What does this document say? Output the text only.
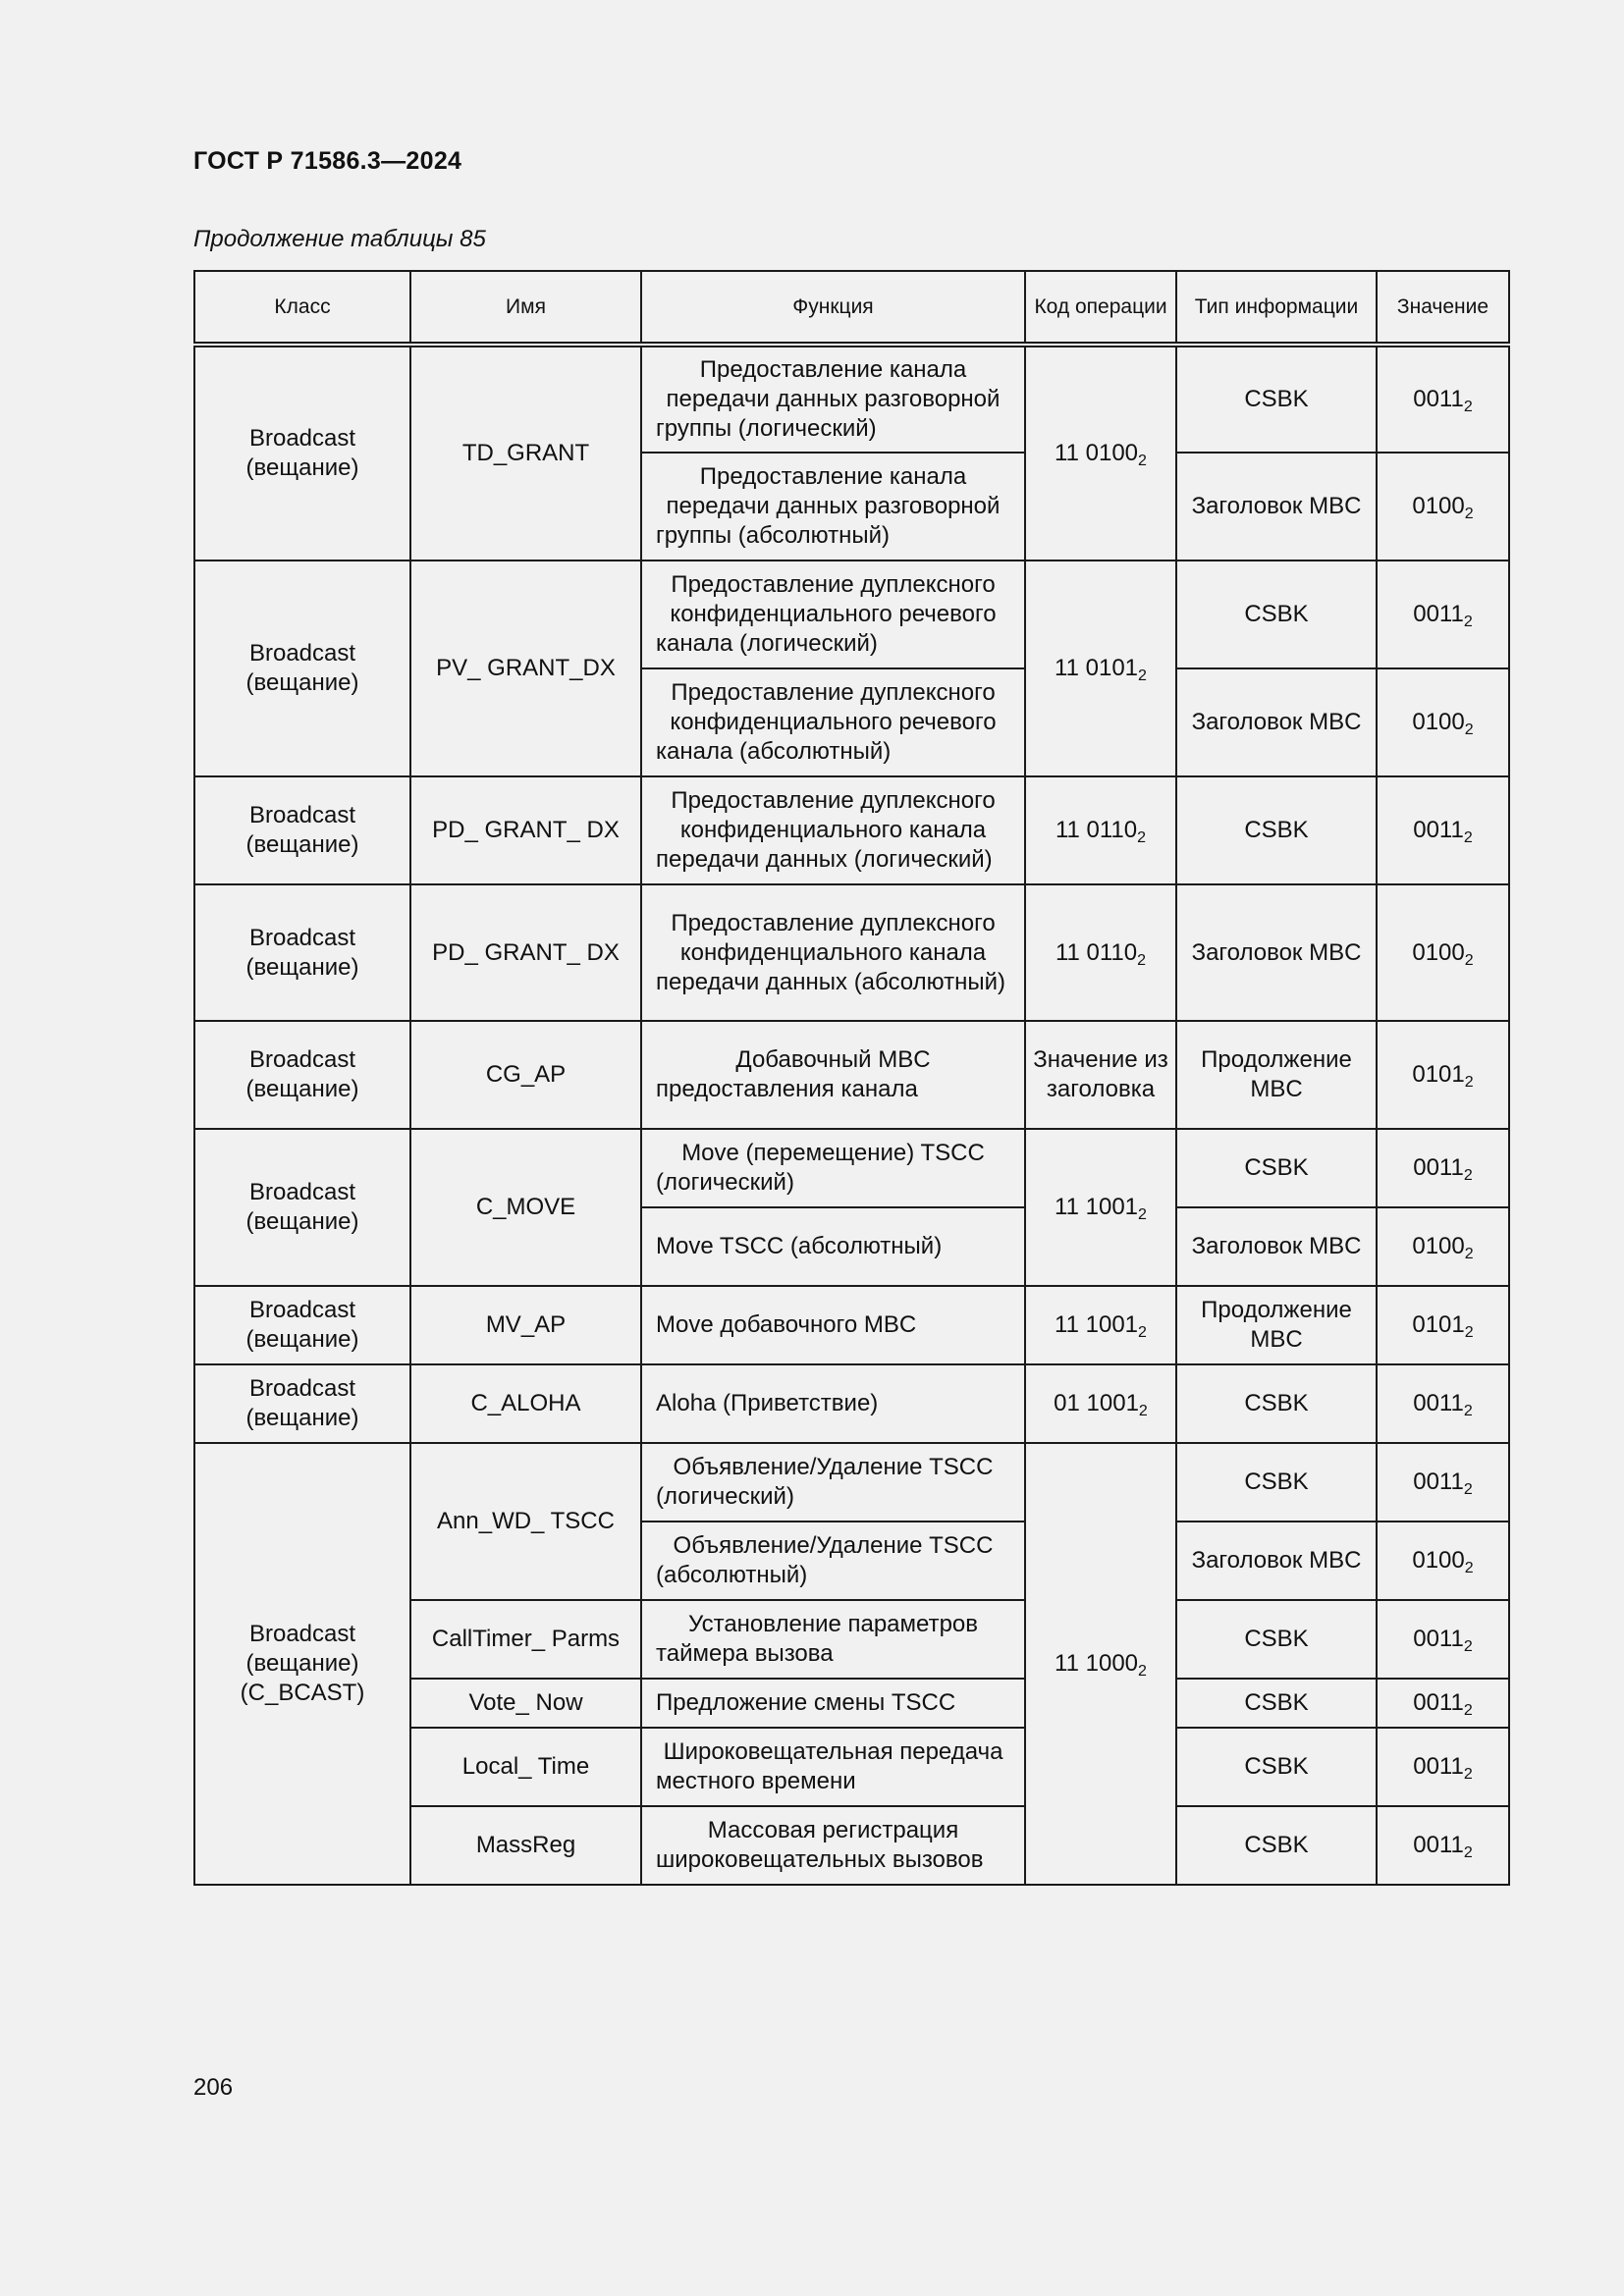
ГОСТ Р 71586.3—2024
Продолжение таблицы 85
Класс	Имя	Функция	Код операции	Тип информации	Значение
Broadcast (вещание)	TD_GRANT	Предоставление канала передачи данных разговорной группы (логический)	11 $0100_2$	CSBK	$0011_2$
		Предоставление канала передачи данных разговорной группы (абсолютный)		Заголовок MBC	$0100_2$
Broadcast (вещание)	PV_ GRANT_DX	Предоставление дуплексного конфиденциального речевого канала (логический)	11 $0101_2$	CSBK	$0011_2$
		Предоставление дуплексного конфиденциального речевого канала (абсолютный)		Заголовок MBC	$0100_2$
Broadcast (вещание)	PD_ GRANT_ DX	Предоставление дуплексного конфиденциального канала передачи данных (логический)	11 $0110_2$	CSBK	$0011_2$
Broadcast (вещание)	PD_ GRANT_ DX	Предоставление дуплексного конфиденциального канала передачи данных (абсолютный)	11 $0110_2$	Заголовок MBC	$0100_2$
Broadcast (вещание)	CG_AP	Добавочный MBC предоставления канала	Значение из заголовка	Продолжение MBC	$0101_2$
Broadcast (вещание)	C_MOVE	Move (перемещение) TSCC (логический)	11 $1001_2$	CSBK	$0011_2$
		Move TSCC (абсолютный)		Заголовок MBC	$0100_2$
Broadcast (вещание)	MV_AP	Move добавочного MBC	11 $1001_2$	Продолжение MBC	$0101_2$
Broadcast (вещание)	C_ALOHA	Aloha (Приветствие)	01 $1001_2$	CSBK	$0011_2$
Broadcast (вещание) (C_BCAST)	Ann_WD_ TSCC	Объявление/Удаление TSCC (логический)	11 $1000_2$	CSBK	$0011_2$
		Объявление/Удаление TSCC (абсолютный)		Заголовок MBC	$0100_2$
	CallTimer_ Parms	Установление параметров таймера вызова		CSBK	$0011_2$
	Vote_ Now	Предложение смены TSCC		CSBK	$0011_2$
	Local_ Time	Широковещательная передача местного времени		CSBK	$0011_2$
	MassReg	Массовая регистрация широковещательных вызовов		CSBK	$0011_2$
206
